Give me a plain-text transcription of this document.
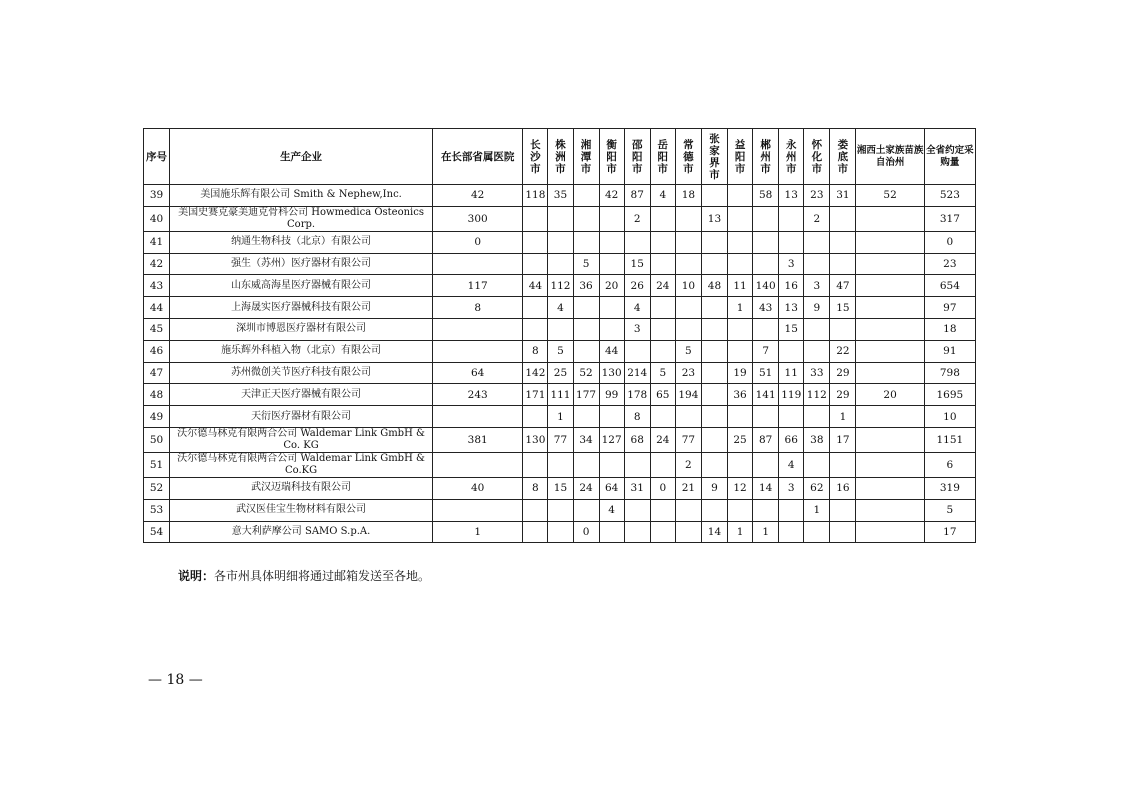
序号	生产企业	在长部省属医院	长沙市	株洲市	湘潭市	衡阳市	邵阳市	岳阳市	常德市	张家界市	益阳市	郴州市	永州市	怀化市	娄底市	湘西土家族苗族自治州	全省约定采购量
39	美国施乐辉有限公司 Smith & Nephew,Inc.	42	118	35		42	87	4	18			58	13	23	31	52	523
40	美国史赛克豪美迪克骨科公司 Howmedica Osteonics Corp.	300					2			13				2			317
41	纳通生物科技（北京）有限公司	0															0
42	强生（苏州）医疗器材有限公司				5		15						3				23
43	山东威高海星医疗器械有限公司	117	44	112	36	20	26	24	10	48	11	140	16	3	47		654
44	上海晟实医疗器械科技有限公司	8		4			4				1	43	13	9	15		97
45	深圳市博恩医疗器材有限公司						3						15				18
46	施乐辉外科植入物（北京）有限公司		8	5		44			5			7			22		91
47	苏州微创关节医疗科技有限公司	64	142	25	52	130	214	5	23		19	51	11	33	29		798
48	天津正天医疗器械有限公司	243	171	111	177	99	178	65	194		36	141	119	112	29	20	1695
49	天衍医疗器材有限公司			1			8								1		10
50	沃尔德马林克有限两合公司 Waldemar Link GmbH & Co. KG	381	130	77	34	127	68	24	77		25	87	66	38	17		1151
51	沃尔德马林克有限两合公司 Waldemar Link GmbH & Co.KG								2				4				6
52	武汉迈瑞科技有限公司	40	8	15	24	64	31	0	21	9	12	14	3	62	16		319
53	武汉医佳宝生物材料有限公司					4								1			5
54	意大利萨摩公司 SAMO S.p.A.	1			0					14	1	1					17
说明：各市州具体明细将通过邮箱发送至各地。
— 18 —
